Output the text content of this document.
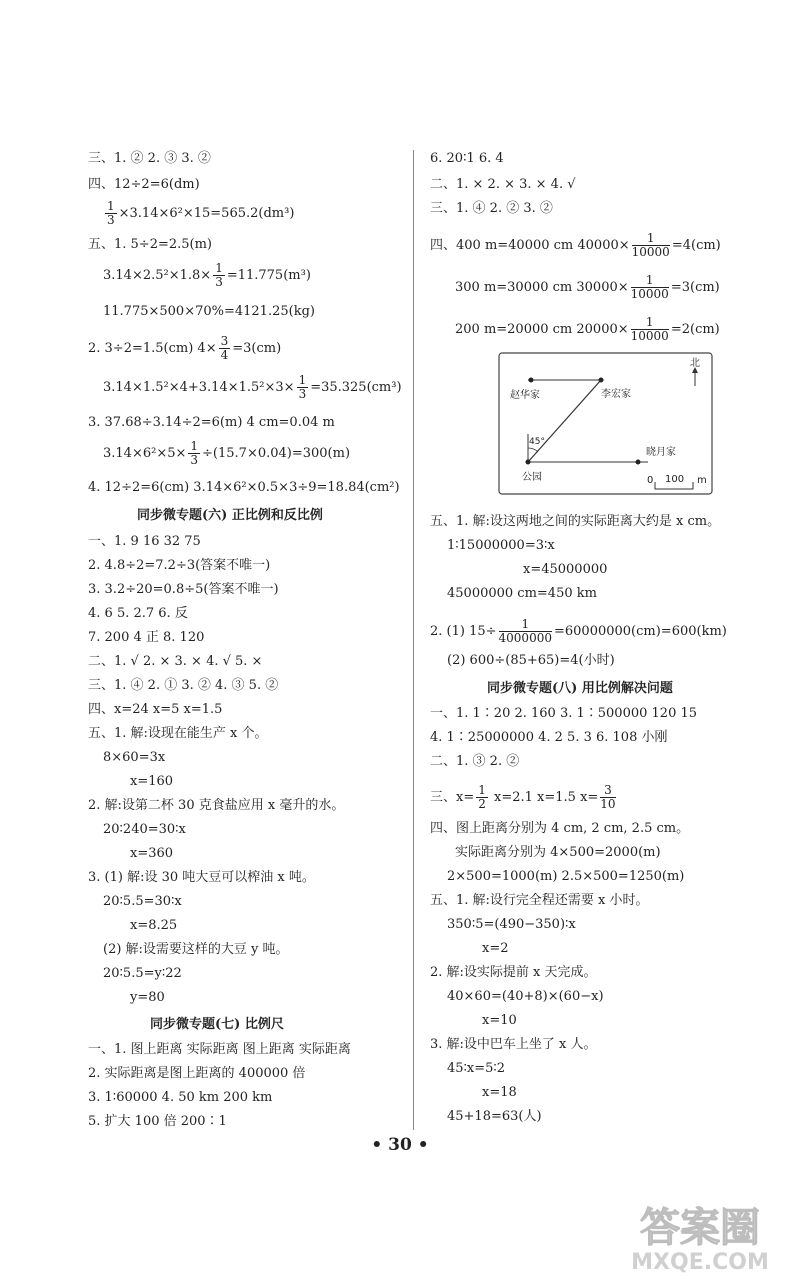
三、1. ② 2. ③ 3. ②
四、12÷2=6(dm)
$\frac{1}{3} \times 3.14\times 6^2\times 15=565.2(dm^3)$
五、1. 5÷2=2.5(m)
$3.14\times 2.5^2\times 1.8\times \frac{1}{3} =11.775(m^3)$
11.775×500×70%=4121.25(kg)
2. 3÷2=1.5(cm) $4\times \frac{3}{4} =3(cm)$
$3.14\times 1.5^2\times 4+3.14\times 1.5^2\times 3\times \frac{1}{3} =35.325(cm^3)$
3. 37.68÷3.14÷2=6(m) 4 cm=0.04 m
$3.14\times 6^2\times 5\times \frac{1}{3} \div(15.7\times 0.04)=300(m)$
4. 12÷2=6(cm) 3.14×6²×0.5×3÷9=18.84(cm²)
同步微专题(六) 正比例和反比例
一、1. 9 16 32 75
2. 4.8÷2=7.2÷3(答案不唯一)
3. 3.2÷20=0.8÷5(答案不唯一)
4. 6 5. 2.7 6. 反
7. 200 4 正 8. 120
二、1. √ 2. × 3. × 4. √ 5. ×
三、1. ④ 2. ① 3. ② 4. ③ 5. ②
四、x=24 x=5 x=1.5
五、1. 解:设现在能生产 x 个。
8×60=3x
x=160
2. 解:设第二杯 30 克食盐应用 x 毫升的水。
20∶240=30∶x
x=360
3. (1) 解:设 30 吨大豆可以榨油 x 吨。
20∶5.5=30∶x
x=8.25
(2) 解:设需要这样的大豆 y 吨。
20∶5.5=y∶22
y=80
同步微专题(七) 比例尺
一、1. 图上距离 实际距离 图上距离 实际距离
2. 实际距离是图上距离的 400000 倍
3. 1∶60000 4. 50 km 200 km
5. 扩大 100 倍 200∶1
6. 20∶1 6. 4
二、1. × 2. × 3. × 4. √
三、1. ④ 2. ② 3. ②
四、400 m=40000 cm $40000\times \frac{1}{10000} =4(cm)$
300 m=30000 cm $30000\times \frac{1}{10000} =3(cm)$
200 m=20000 cm $20000\times \frac{1}{10000} =2(cm)$
北
赵华家	李宏家
45°
晓月家
公园	0 100 m
五、1. 解:设这两地之间的实际距离大约是 x cm。
1∶15000000=3∶x
x=45000000
45000000 cm=450 km
2. (1) $15\div \frac{1}{4000000} =60000000(cm)=600(km)$
(2) 600÷(85+65)=4(小时)
同步微专题(八) 用比例解决问题
一、1. 1∶20 2. 160 3. 1∶500000 120 15
4. 1∶25000000 4. 2 5. 3 6. 108 小刚
二、1. ③ 2. ②
三、$x= \frac{1}{2} x=2.1$ x=1.5 $x= \frac{3}{10}$
四、图上距离分别为 4 cm, 2 cm, 2.5 cm。
实际距离分别为 4×500=2000(m)
2×500=1000(m) 2.5×500=1250(m)
五、1. 解:设行完全程还需要 x 小时。
350∶5=(490−350)∶x
x=2
2. 解:设实际提前 x 天完成。
40×60=(40+8)×(60−x)
x=10
3. 解:设中巴车上坐了 x 人。
45∶x=5∶2
x=18
45+18=63(人)
• 30 •
答案圈
MXQE.COM
